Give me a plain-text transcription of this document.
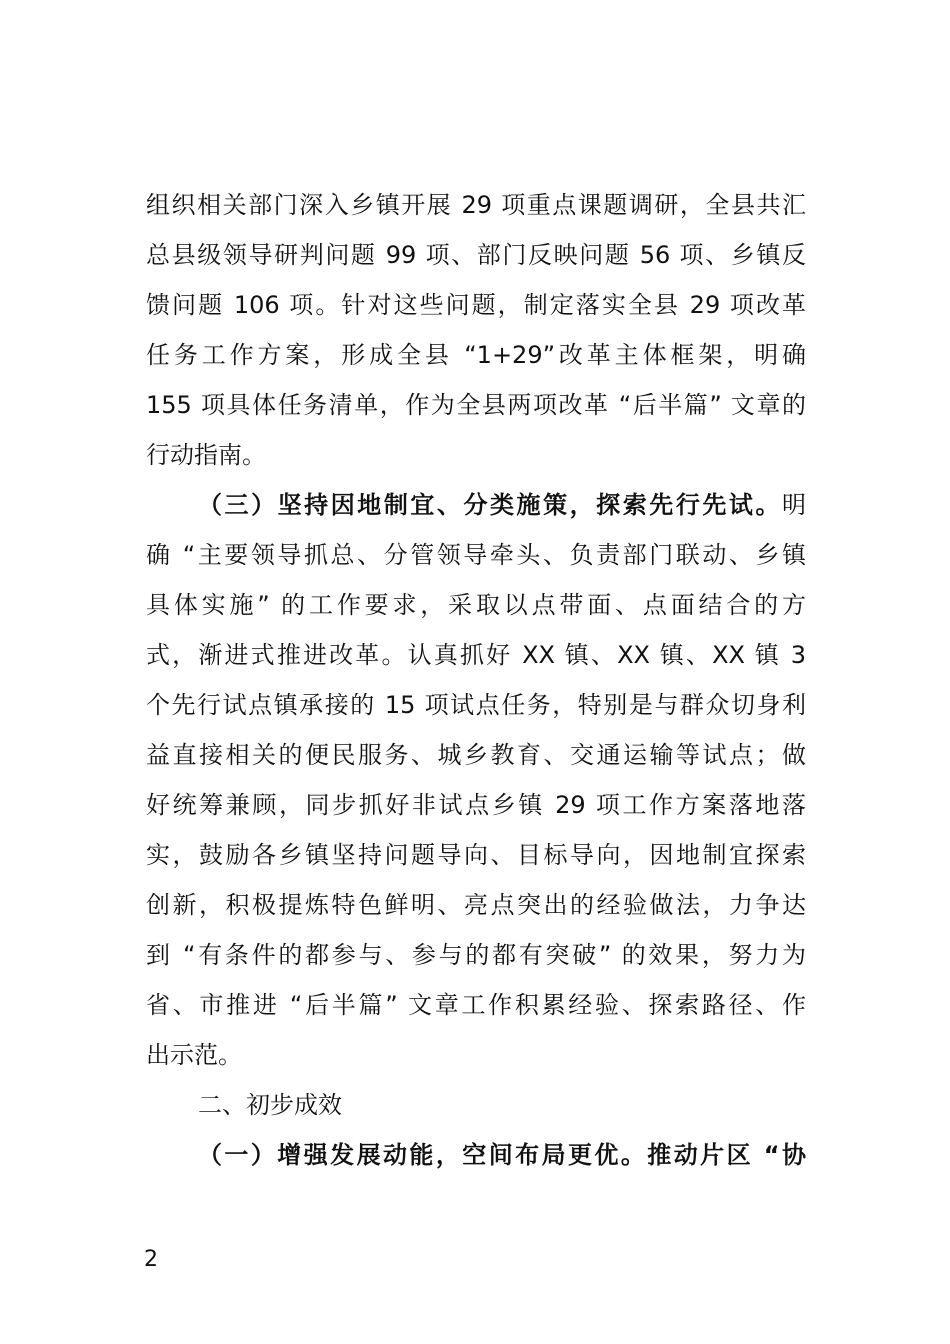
组织相关部门深入乡镇开展 29 项重点课题调研，全县共汇
总县级领导研判问题 99 项、部门反映问题 56 项、乡镇反
馈问题 106 项。针对这些问题，制定落实全县 29 项改革
任务工作方案，形成全县 “1+29”改革主体框架，明确
155 项具体任务清单，作为全县两项改革 “后半篇” 文章的
行动指南。
（三）坚持因地制宜、分类施策，探索先行先试。明
确 “主要领导抓总、分管领导牵头、负责部门联动、乡镇
具体实施” 的工作要求，采取以点带面、点面结合的方
式，渐进式推进改革。认真抓好 XX 镇、XX 镇、XX 镇 3
个先行试点镇承接的 15 项试点任务，特别是与群众切身利
益直接相关的便民服务、城乡教育、交通运输等试点；做
好统筹兼顾，同步抓好非试点乡镇 29 项工作方案落地落
实，鼓励各乡镇坚持问题导向、目标导向，因地制宜探索
创新，积极提炼特色鲜明、亮点突出的经验做法，力争达
到 “有条件的都参与、参与的都有突破” 的效果，努力为
省、市推进 “后半篇” 文章工作积累经验、探索路径、作
出示范。
二、初步成效
（一）增强发展动能，空间布局更优。推动片区 “协
2
